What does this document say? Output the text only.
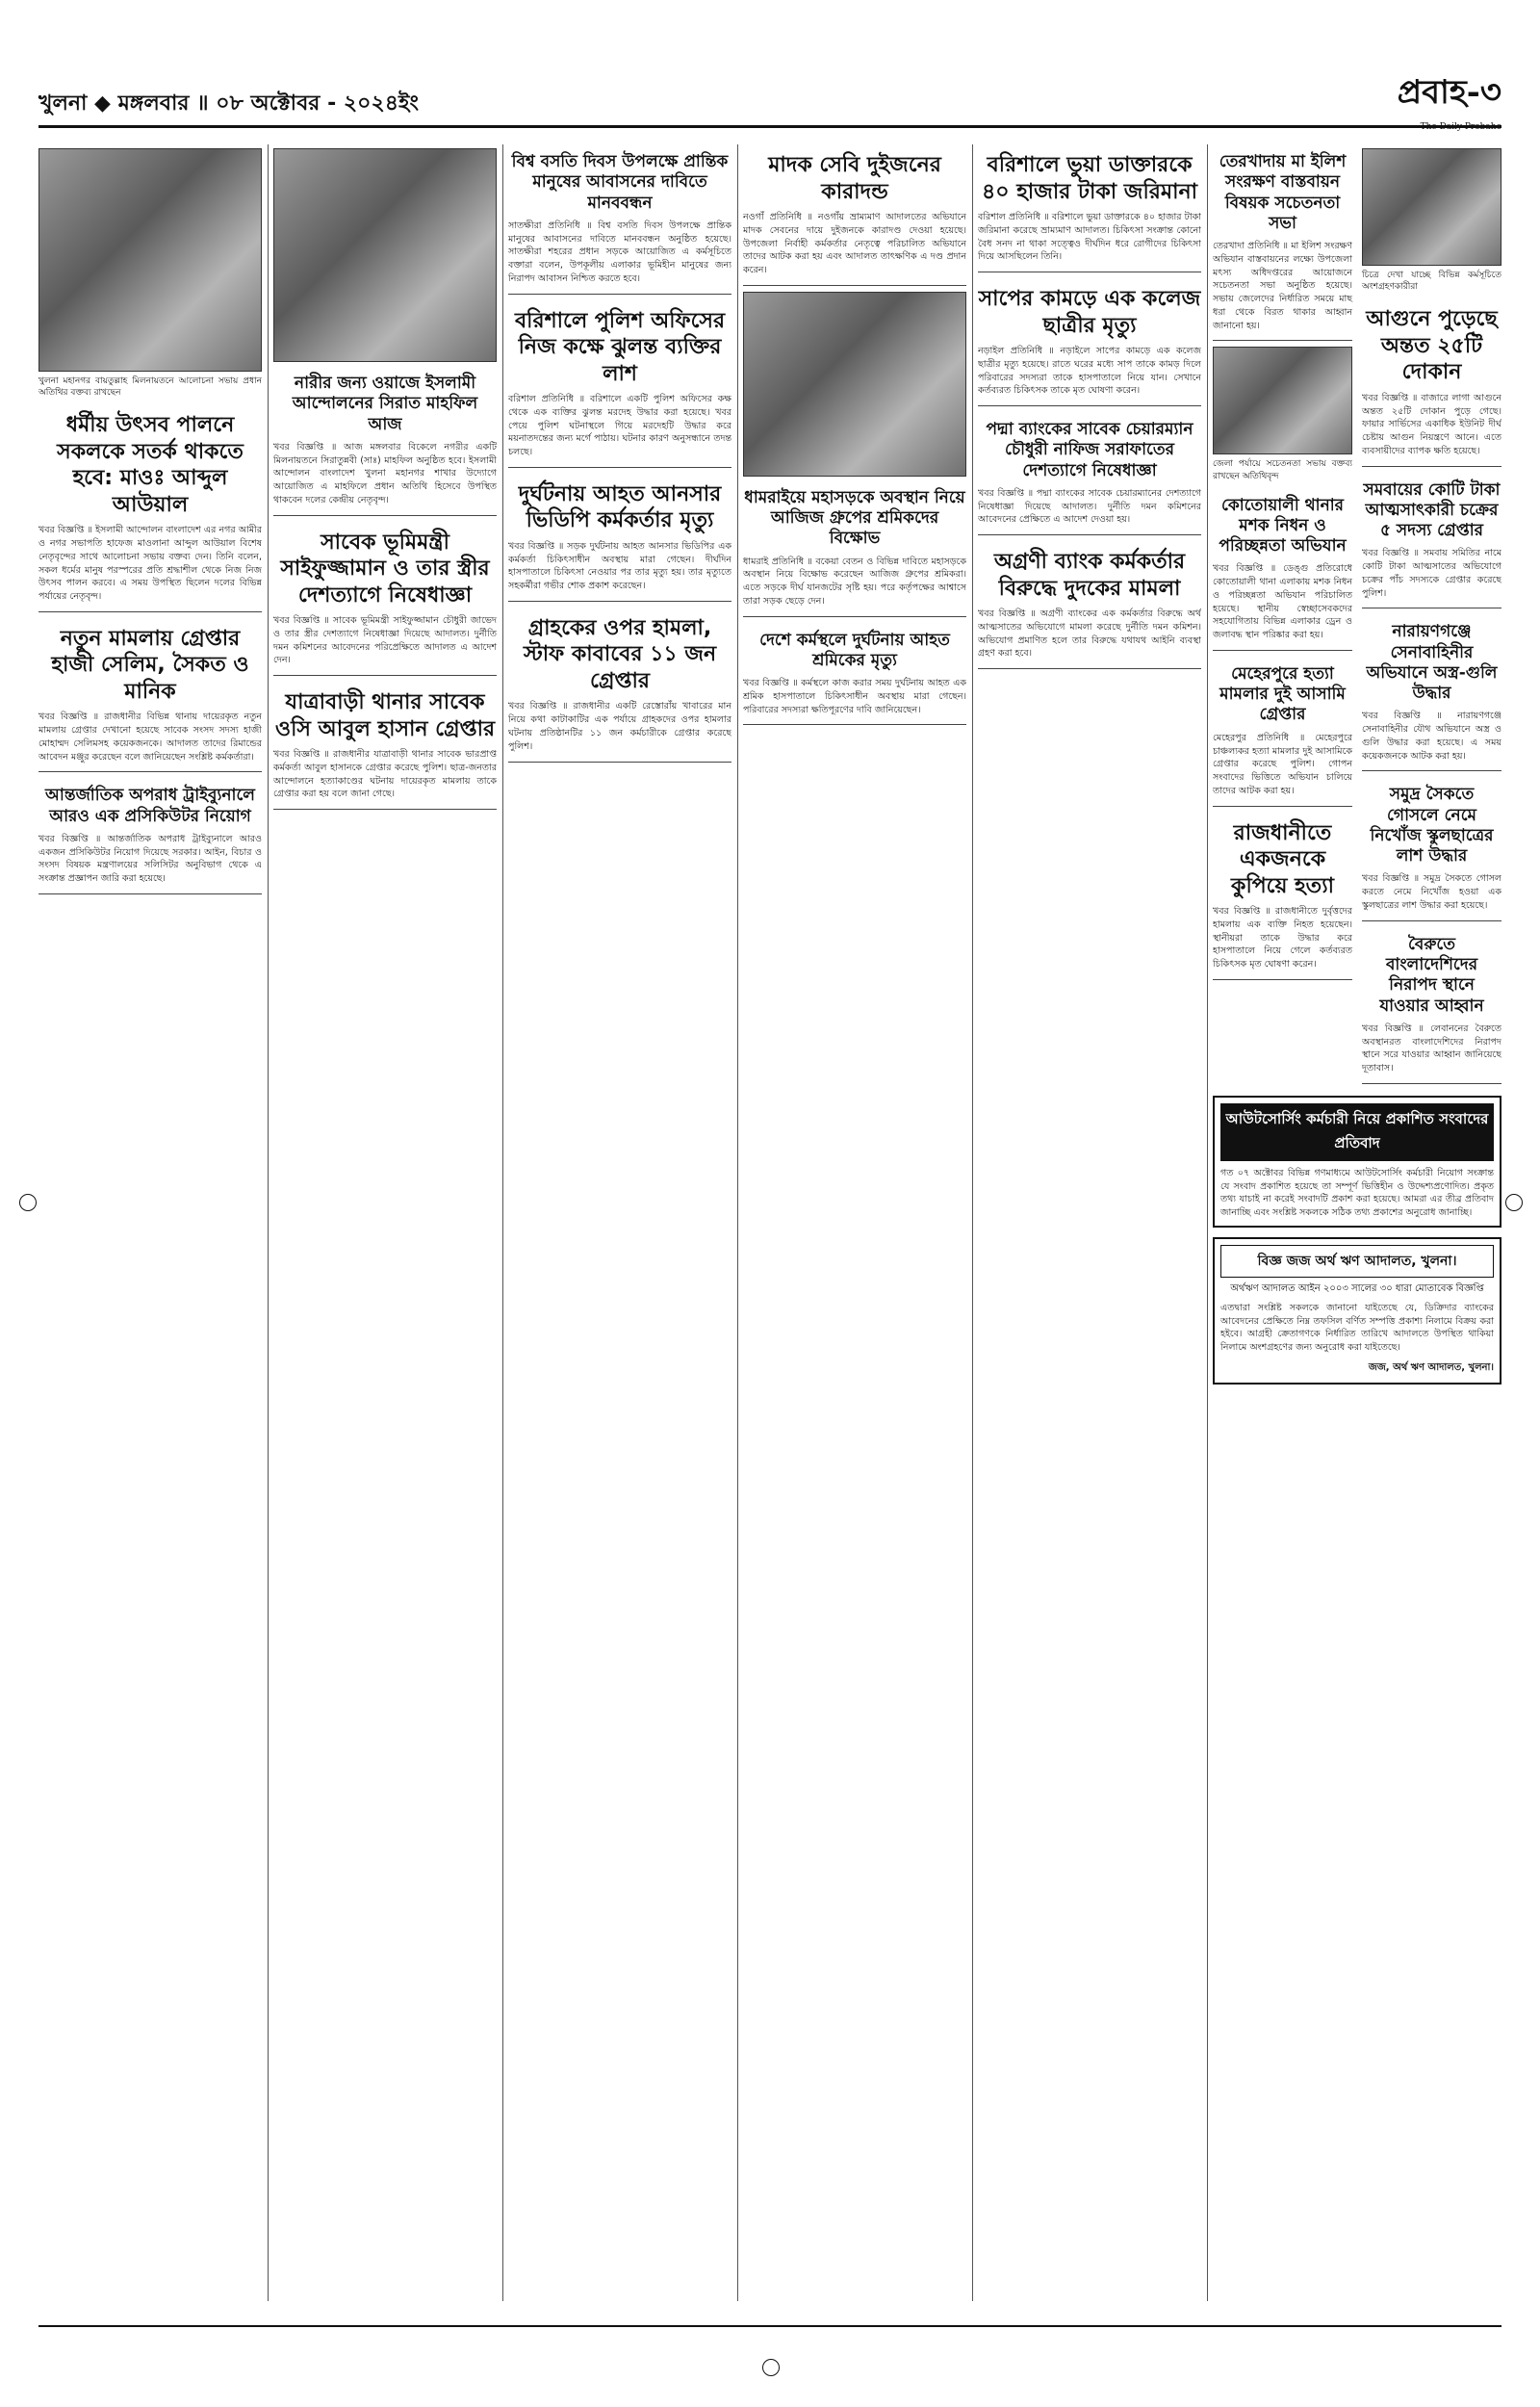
খুলনা ◆ মঙ্গলবার ॥ ০৮ অক্টোবর - ২০২৪ইং	প্রবাহ-৩
The Daily Probaho
খুলনা মহানগর বায়তুল্লাহ মিলনায়তনে আলোচনা সভায় প্রধান অতিথির বক্তব্য রাখছেন
ধর্মীয় উৎসব পালনে সকলকে সতর্ক থাকতে হবে: মাওঃ আব্দুল আউয়াল
খবর বিজ্ঞপ্তি ॥ ইসলামী আন্দোলন বাংলাদেশ এর নগর আমীর ও নগর সভাপতি হাফেজ মাওলানা আব্দুল আউয়াল বিশেষ নেতৃবৃন্দের সাথে আলোচনা সভায় বক্তব্য দেন। তিনি বলেন, সকল ধর্মের মানুষ পরস্পরের প্রতি শ্রদ্ধাশীল থেকে নিজ নিজ উৎসব পালন করবে। এ সময় উপস্থিত ছিলেন দলের বিভিন্ন পর্যায়ের নেতৃবৃন্দ।
নতুন মামলায় গ্রেপ্তার হাজী সেলিম, সৈকত ও মানিক
খবর বিজ্ঞপ্তি ॥ রাজধানীর বিভিন্ন থানায় দায়েরকৃত নতুন মামলায় গ্রেপ্তার দেখানো হয়েছে সাবেক সংসদ সদস্য হাজী মোহাম্মদ সেলিমসহ কয়েকজনকে। আদালত তাদের রিমান্ডের আবেদন মঞ্জুর করেছেন বলে জানিয়েছেন সংশ্লিষ্ট কর্মকর্তারা।
আন্তর্জাতিক অপরাধ ট্রাইব্যুনালে আরও এক প্রসিকিউটর নিয়োগ
খবর বিজ্ঞপ্তি ॥ আন্তর্জাতিক অপরাধ ট্রাইব্যুনালে আরও একজন প্রসিকিউটর নিয়োগ দিয়েছে সরকার। আইন, বিচার ও সংসদ বিষয়ক মন্ত্রণালয়ের সলিসিটর অনুবিভাগ থেকে এ সংক্রান্ত প্রজ্ঞাপন জারি করা হয়েছে।
নারীর জন্য ওয়াজে ইসলামী আন্দোলনের সিরাত মাহফিল আজ
খবর বিজ্ঞপ্তি ॥ আজ মঙ্গলবার বিকেলে নগরীর একটি মিলনায়তনে সিরাতুন্নবী (সাঃ) মাহফিল অনুষ্ঠিত হবে। ইসলামী আন্দোলন বাংলাদেশ খুলনা মহানগর শাখার উদ্যোগে আয়োজিত এ মাহফিলে প্রধান অতিথি হিসেবে উপস্থিত থাকবেন দলের কেন্দ্রীয় নেতৃবৃন্দ।
সাবেক ভূমিমন্ত্রী সাইফুজ্জামান ও তার স্ত্রীর দেশত্যাগে নিষেধাজ্ঞা
খবর বিজ্ঞপ্তি ॥ সাবেক ভূমিমন্ত্রী সাইফুজ্জামান চৌধুরী জাভেদ ও তার স্ত্রীর দেশত্যাগে নিষেধাজ্ঞা দিয়েছে আদালত। দুর্নীতি দমন কমিশনের আবেদনের পরিপ্রেক্ষিতে আদালত এ আদেশ দেন।
যাত্রাবাড়ী থানার সাবেক ওসি আবুল হাসান গ্রেপ্তার
খবর বিজ্ঞপ্তি ॥ রাজধানীর যাত্রাবাড়ী থানার সাবেক ভারপ্রাপ্ত কর্মকর্তা আবুল হাসানকে গ্রেপ্তার করেছে পুলিশ। ছাত্র-জনতার আন্দোলনে হত্যাকাণ্ডের ঘটনায় দায়েরকৃত মামলায় তাকে গ্রেপ্তার করা হয় বলে জানা গেছে।
বিশ্ব বসতি দিবস উপলক্ষে প্রান্তিক মানুষের আবাসনের দাবিতে মানববন্ধন
সাতক্ষীরা প্রতিনিধি ॥ বিশ্ব বসতি দিবস উপলক্ষে প্রান্তিক মানুষের আবাসনের দাবিতে মানববন্ধন অনুষ্ঠিত হয়েছে। সাতক্ষীরা শহরের প্রধান সড়কে আয়োজিত এ কর্মসূচিতে বক্তারা বলেন, উপকূলীয় এলাকার ভূমিহীন মানুষের জন্য নিরাপদ আবাসন নিশ্চিত করতে হবে।
বরিশালে পুলিশ অফিসের নিজ কক্ষে ঝুলন্ত ব্যক্তির লাশ
বরিশাল প্রতিনিধি ॥ বরিশালে একটি পুলিশ অফিসের কক্ষ থেকে এক ব্যক্তির ঝুলন্ত মরদেহ উদ্ধার করা হয়েছে। খবর পেয়ে পুলিশ ঘটনাস্থলে গিয়ে মরদেহটি উদ্ধার করে ময়নাতদন্তের জন্য মর্গে পাঠায়। ঘটনার কারণ অনুসন্ধানে তদন্ত চলছে।
দুর্ঘটনায় আহত আনসার ভিডিপি কর্মকর্তার মৃত্যু
খবর বিজ্ঞপ্তি ॥ সড়ক দুর্ঘটনায় আহত আনসার ভিডিপির এক কর্মকর্তা চিকিৎসাধীন অবস্থায় মারা গেছেন। দীর্ঘদিন হাসপাতালে চিকিৎসা নেওয়ার পর তার মৃত্যু হয়। তার মৃত্যুতে সহকর্মীরা গভীর শোক প্রকাশ করেছেন।
গ্রাহকের ওপর হামলা, স্টাফ কাবাবের ১১ জন গ্রেপ্তার
খবর বিজ্ঞপ্তি ॥ রাজধানীর একটি রেস্তোরাঁয় খাবারের মান নিয়ে কথা কাটাকাটির এক পর্যায়ে গ্রাহকদের ওপর হামলার ঘটনায় প্রতিষ্ঠানটির ১১ জন কর্মচারীকে গ্রেপ্তার করেছে পুলিশ।
মাদক সেবি দুইজনের কারাদন্ড
নওগাঁ প্রতিনিধি ॥ নওগাঁয় ভ্রাম্যমাণ আদালতের অভিযানে মাদক সেবনের দায়ে দুইজনকে কারাদণ্ড দেওয়া হয়েছে। উপজেলা নির্বাহী কর্মকর্তার নেতৃত্বে পরিচালিত অভিযানে তাদের আটক করা হয় এবং আদালত তাৎক্ষণিক এ দণ্ড প্রদান করেন।
ধামরাইয়ে মহাসড়কে অবস্থান নিয়ে আজিজ গ্রুপের শ্রমিকদের বিক্ষোভ
ধামরাই প্রতিনিধি ॥ বকেয়া বেতন ও বিভিন্ন দাবিতে মহাসড়কে অবস্থান নিয়ে বিক্ষোভ করেছেন আজিজ গ্রুপের শ্রমিকরা। এতে সড়কে দীর্ঘ যানজটের সৃষ্টি হয়। পরে কর্তৃপক্ষের আশ্বাসে তারা সড়ক ছেড়ে দেন।
দেশে কর্মস্থলে দুর্ঘটনায় আহত শ্রমিকের মৃত্যু
খবর বিজ্ঞপ্তি ॥ কর্মস্থলে কাজ করার সময় দুর্ঘটনায় আহত এক শ্রমিক হাসপাতালে চিকিৎসাধীন অবস্থায় মারা গেছেন। পরিবারের সদস্যরা ক্ষতিপূরণের দাবি জানিয়েছেন।
বরিশালে ভুয়া ডাক্তারকে ৪০ হাজার টাকা জরিমানা
বরিশাল প্রতিনিধি ॥ বরিশালে ভুয়া ডাক্তারকে ৪০ হাজার টাকা জরিমানা করেছে ভ্রাম্যমাণ আদালত। চিকিৎসা সংক্রান্ত কোনো বৈধ সনদ না থাকা সত্ত্বেও দীর্ঘদিন ধরে রোগীদের চিকিৎসা দিয়ে আসছিলেন তিনি।
সাপের কামড়ে এক কলেজ ছাত্রীর মৃত্যু
নড়াইল প্রতিনিধি ॥ নড়াইলে সাপের কামড়ে এক কলেজ ছাত্রীর মৃত্যু হয়েছে। রাতে ঘরের মধ্যে সাপ তাকে কামড় দিলে পরিবারের সদস্যরা তাকে হাসপাতালে নিয়ে যান। সেখানে কর্তব্যরত চিকিৎসক তাকে মৃত ঘোষণা করেন।
পদ্মা ব্যাংকের সাবেক চেয়ারম্যান চৌধুরী নাফিজ সরাফাতের দেশত্যাগে নিষেধাজ্ঞা
খবর বিজ্ঞপ্তি ॥ পদ্মা ব্যাংকের সাবেক চেয়ারম্যানের দেশত্যাগে নিষেধাজ্ঞা দিয়েছে আদালত। দুর্নীতি দমন কমিশনের আবেদনের প্রেক্ষিতে এ আদেশ দেওয়া হয়।
অগ্রণী ব্যাংক কর্মকর্তার বিরুদ্ধে দুদকের মামলা
খবর বিজ্ঞপ্তি ॥ অগ্রণী ব্যাংকের এক কর্মকর্তার বিরুদ্ধে অর্থ আত্মসাতের অভিযোগে মামলা করেছে দুর্নীতি দমন কমিশন। অভিযোগ প্রমাণিত হলে তার বিরুদ্ধে যথাযথ আইনি ব্যবস্থা গ্রহণ করা হবে।
তেরখাদায় মা ইলিশ সংরক্ষণ বাস্তবায়ন বিষয়ক সচেতনতা সভা
তেরখাদা প্রতিনিধি ॥ মা ইলিশ সংরক্ষণ অভিযান বাস্তবায়নের লক্ষ্যে উপজেলা মৎস্য অধিদপ্তরের আয়োজনে সচেতনতা সভা অনুষ্ঠিত হয়েছে। সভায় জেলেদের নির্ধারিত সময়ে মাছ ধরা থেকে বিরত থাকার আহ্বান জানানো হয়।
জেলা পর্যায়ে সচেতনতা সভায় বক্তব্য রাখছেন অতিথিবৃন্দ
কোতোয়ালী থানার মশক নিধন ও পরিচ্ছন্নতা অভিযান
খবর বিজ্ঞপ্তি ॥ ডেঙ্গু প্রতিরোধে কোতোয়ালী থানা এলাকায় মশক নিধন ও পরিচ্ছন্নতা অভিযান পরিচালিত হয়েছে। স্থানীয় স্বেচ্ছাসেবকদের সহযোগিতায় বিভিন্ন এলাকার ড্রেন ও জলাবদ্ধ স্থান পরিষ্কার করা হয়।
মেহেরপুরে হত্যা মামলার দুই আসামি গ্রেপ্তার
মেহেরপুর প্রতিনিধি ॥ মেহেরপুরে চাঞ্চল্যকর হত্যা মামলার দুই আসামিকে গ্রেপ্তার করেছে পুলিশ। গোপন সংবাদের ভিত্তিতে অভিযান চালিয়ে তাদের আটক করা হয়।
রাজধানীতে একজনকে কুপিয়ে হত্যা
খবর বিজ্ঞপ্তি ॥ রাজধানীতে দুর্বৃত্তদের হামলায় এক ব্যক্তি নিহত হয়েছেন। স্থানীয়রা তাকে উদ্ধার করে হাসপাতালে নিয়ে গেলে কর্তব্যরত চিকিৎসক মৃত ঘোষণা করেন।
চিত্রে দেখা যাচ্ছে বিভিন্ন কর্মসূচিতে অংশগ্রহণকারীরা
আগুনে পুড়েছে অন্তত ২৫টি দোকান
খবর বিজ্ঞপ্তি ॥ বাজারে লাগা আগুনে অন্তত ২৫টি দোকান পুড়ে গেছে। ফায়ার সার্ভিসের একাধিক ইউনিট দীর্ঘ চেষ্টায় আগুন নিয়ন্ত্রণে আনে। এতে ব্যবসায়ীদের ব্যাপক ক্ষতি হয়েছে।
সমবায়ের কোটি টাকা আত্মসাৎকারী চক্রের ৫ সদস্য গ্রেপ্তার
খবর বিজ্ঞপ্তি ॥ সমবায় সমিতির নামে কোটি টাকা আত্মসাতের অভিযোগে চক্রের পাঁচ সদস্যকে গ্রেপ্তার করেছে পুলিশ।
নারায়ণগঞ্জে সেনাবাহিনীর অভিযানে অস্ত্র-গুলি উদ্ধার
খবর বিজ্ঞপ্তি ॥ নারায়ণগঞ্জে সেনাবাহিনীর যৌথ অভিযানে অস্ত্র ও গুলি উদ্ধার করা হয়েছে। এ সময় কয়েকজনকে আটক করা হয়।
সমুদ্র সৈকতে গোসলে নেমে নিখোঁজ স্কুলছাত্রের লাশ উদ্ধার
খবর বিজ্ঞপ্তি ॥ সমুদ্র সৈকতে গোসল করতে নেমে নিখোঁজ হওয়া এক স্কুলছাত্রের লাশ উদ্ধার করা হয়েছে।
বৈরুতে বাংলাদেশিদের নিরাপদ স্থানে যাওয়ার আহ্বান
খবর বিজ্ঞপ্তি ॥ লেবাননের বৈরুতে অবস্থানরত বাংলাদেশিদের নিরাপদ স্থানে সরে যাওয়ার আহ্বান জানিয়েছে দূতাবাস।
আউটসোর্সিং কর্মচারী নিয়ে প্রকাশিত সংবাদের প্রতিবাদ
গত ০৭ অক্টোবর বিভিন্ন গণমাধ্যমে আউটসোর্সিং কর্মচারী নিয়োগ সংক্রান্ত যে সংবাদ প্রকাশিত হয়েছে তা সম্পূর্ণ ভিত্তিহীন ও উদ্দেশ্যপ্রণোদিত। প্রকৃত তথ্য যাচাই না করেই সংবাদটি প্রকাশ করা হয়েছে। আমরা এর তীব্র প্রতিবাদ জানাচ্ছি এবং সংশ্লিষ্ট সকলকে সঠিক তথ্য প্রকাশের অনুরোধ জানাচ্ছি।
বিজ্ঞ জজ অর্থ ঋণ আদালত, খুলনা।
অর্থঋণ আদালত আইন ২০০৩ সালের ৩০ ধারা মোতাবেক বিজ্ঞপ্তি
এতদ্বারা সংশ্লিষ্ট সকলকে জানানো যাইতেছে যে, ডিক্রিদার ব্যাংকের আবেদনের প্রেক্ষিতে নিম্ন তফসিল বর্ণিত সম্পত্তি প্রকাশ্য নিলামে বিক্রয় করা হইবে। আগ্রহী ক্রেতাগণকে নির্ধারিত তারিখে আদালতে উপস্থিত থাকিয়া নিলামে অংশগ্রহণের জন্য অনুরোধ করা যাইতেছে।
জজ, অর্থ ঋণ আদালত, খুলনা।
